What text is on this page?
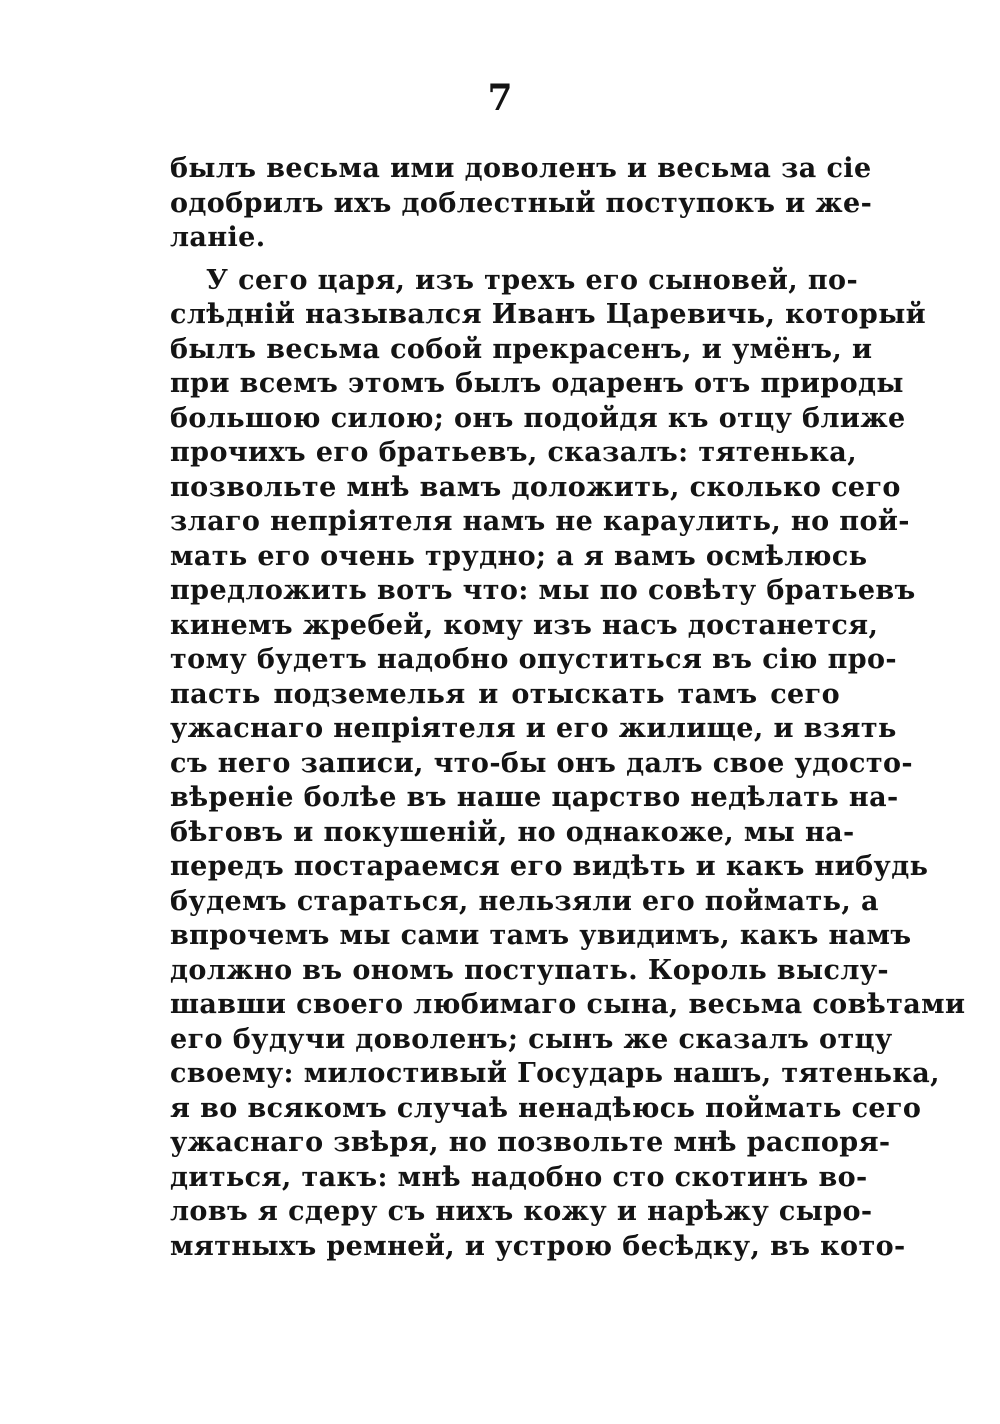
7
былъ весьма ими доволенъ и весьма за сіе
одобрилъ ихъ доблестный поступокъ и же-
ланіе.
У сего царя, изъ трехъ его сыновей, по-
слѣдній назывался Иванъ Царевичь, который
былъ весьма собой прекрасенъ, и умёнъ, и
при всемъ этомъ былъ одаренъ отъ природы
большою силою; онъ подойдя къ отцу ближе
прочихъ его братьевъ, сказалъ: тятенька,
позвольте мнѣ вамъ доложить, сколько сего
злаго непріятеля намъ не караулить, но пой-
мать его очень трудно; а я вамъ осмѣлюсь
предложить вотъ что: мы по совѣту братьевъ
кинемъ жребей, кому изъ насъ достанется,
тому будетъ надобно опуститься въ сію про-
пасть подземелья и отыскать тамъ сего
ужаснаго непріятеля и его жилище, и взять
съ него записи, что-бы онъ далъ свое удосто-
вѣреніе болѣе въ наше царство недѣлать на-
бѣговъ и покушеній, но однакоже, мы на-
передъ постараемся его видѣть и какъ нибудь
будемъ стараться, нельзяли его поймать, а
впрочемъ мы сами тамъ увидимъ, какъ намъ
должно въ ономъ поступать. Король выслу-
шавши своего любимаго сына, весьма совѣтами
его будучи доволенъ; сынъ же сказалъ отцу
своему: милостивый Государь нашъ, тятенька,
я во всякомъ случаѣ ненадѣюсь поймать сего
ужаснаго звѣря, но позвольте мнѣ распоря-
диться, такъ: мнѣ надобно сто скотинъ во-
ловъ я сдеру съ нихъ кожу и нарѣжу сыро-
мятныхъ ремней, и устрою бесѣдку, въ кото-
